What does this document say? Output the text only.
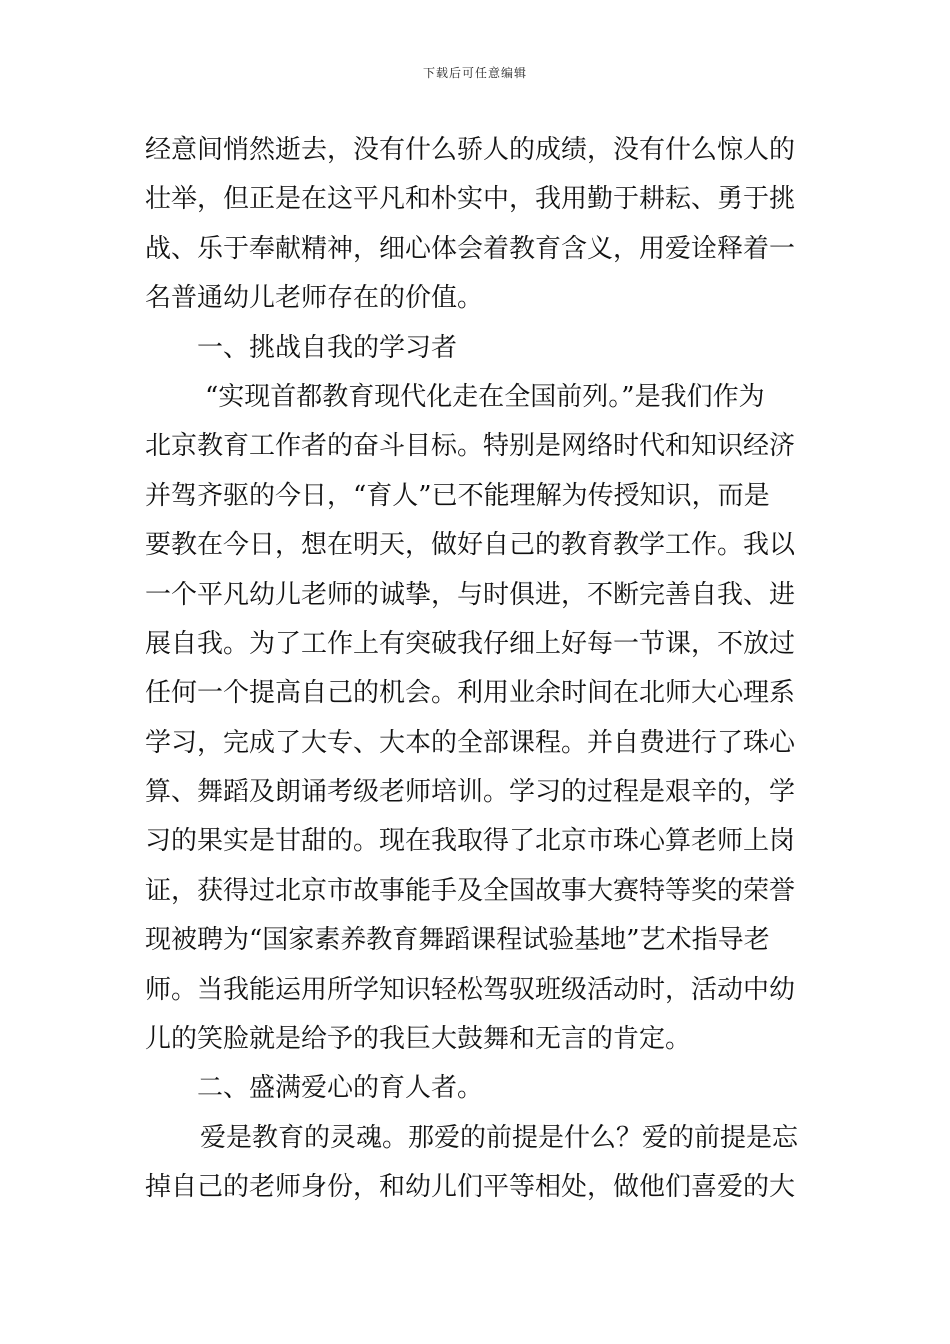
下载后可任意编辑
经意间悄然逝去，没有什么骄人的成绩，没有什么惊人的
壮举，但正是在这平凡和朴实中，我用勤于耕耘、勇于挑
战、乐于奉献精神，细心体会着教育含义，用爱诠释着一
名普通幼儿老师存在的价值。
一、挑战自我的学习者
“实现首都教育现代化走在全国前列。”是我们作为
北京教育工作者的奋斗目标。特别是网络时代和知识经济
并驾齐驱的今日，“育人”已不能理解为传授知识，而是
要教在今日，想在明天，做好自己的教育教学工作。我以
一个平凡幼儿老师的诚挚，与时俱进，不断完善自我、进
展自我。为了工作上有突破我仔细上好每一节课，不放过
任何一个提高自己的机会。利用业余时间在北师大心理系
学习，完成了大专、大本的全部课程。并自费进行了珠心
算、舞蹈及朗诵考级老师培训。学习的过程是艰辛的，学
习的果实是甘甜的。现在我取得了北京市珠心算老师上岗
证，获得过北京市故事能手及全国故事大赛特等奖的荣誉
现被聘为“国家素养教育舞蹈课程试验基地”艺术指导老
师。当我能运用所学知识轻松驾驭班级活动时，活动中幼
儿的笑脸就是给予的我巨大鼓舞和无言的肯定。
二、盛满爱心的育人者。
爱是教育的灵魂。那爱的前提是什么？爱的前提是忘
掉自己的老师身份，和幼儿们平等相处，做他们喜爱的大
